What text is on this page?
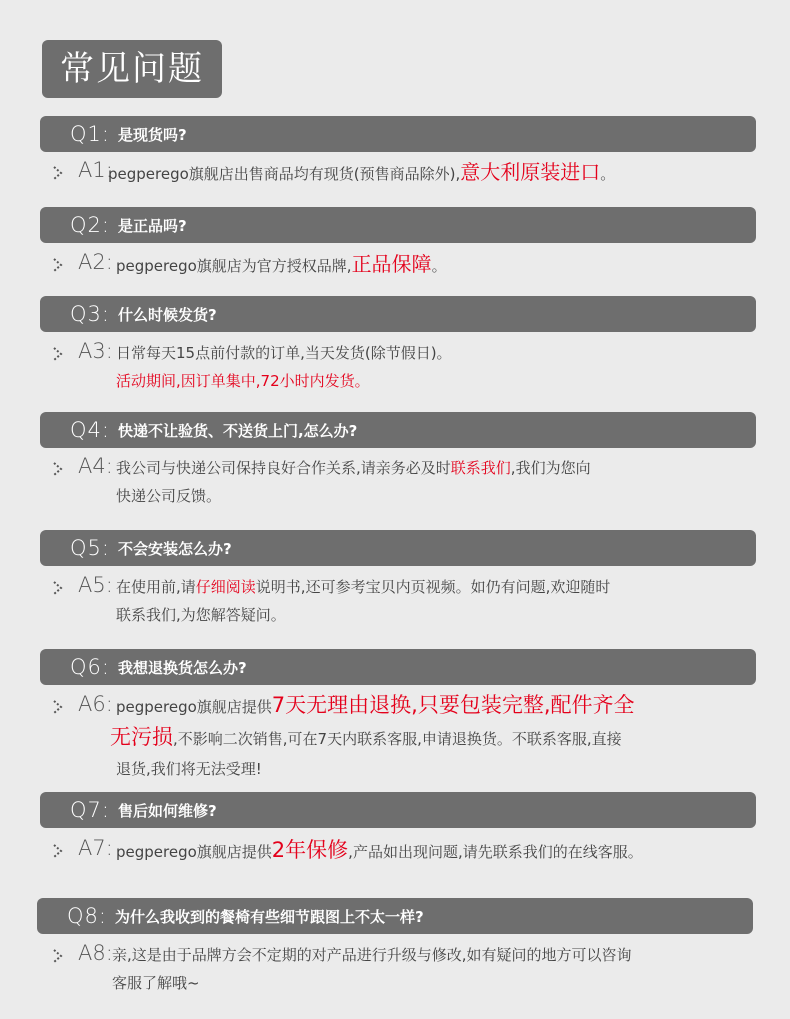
常见问题
Q1: 是现货吗?
A1:
pegperego旗舰店出售商品均有现货(预售商品除外),意大利原装进口。
Q2: 是正品吗?
A2: pegperego旗舰店为官方授权品牌,正品保障。
Q3: 什么时候发货?
A3: 日常每天15点前付款的订单,当天发货(除节假日)。
活动期间,因订单集中,72小时内发货。
Q4: 快递不让验货、不送货上门,怎么办?
A4: 我公司与快递公司保持良好合作关系,请亲务必及时联系我们,我们为您向
快递公司反馈。
Q5: 不会安装怎么办?
A5: 在使用前,请仔细阅读说明书,还可参考宝贝内页视频。如仍有问题,欢迎随时
联系我们,为您解答疑问。
Q6: 我想退换货怎么办?
A6: pegperego旗舰店提供7天无理由退换,只要包装完整,配件齐全
无污损,不影响二次销售,可在7天内联系客服,申请退换货。不联系客服,直接
退货,我们将无法受理!
Q7: 售后如何维修?
A7: pegperego旗舰店提供2年保修,产品如出现问题,请先联系我们的在线客服。
Q8: 为什么我收到的餐椅有些细节跟图上不太一样?
A8: 亲,这是由于品牌方会不定期的对产品进行升级与修改,如有疑问的地方可以咨询
客服了解哦~
